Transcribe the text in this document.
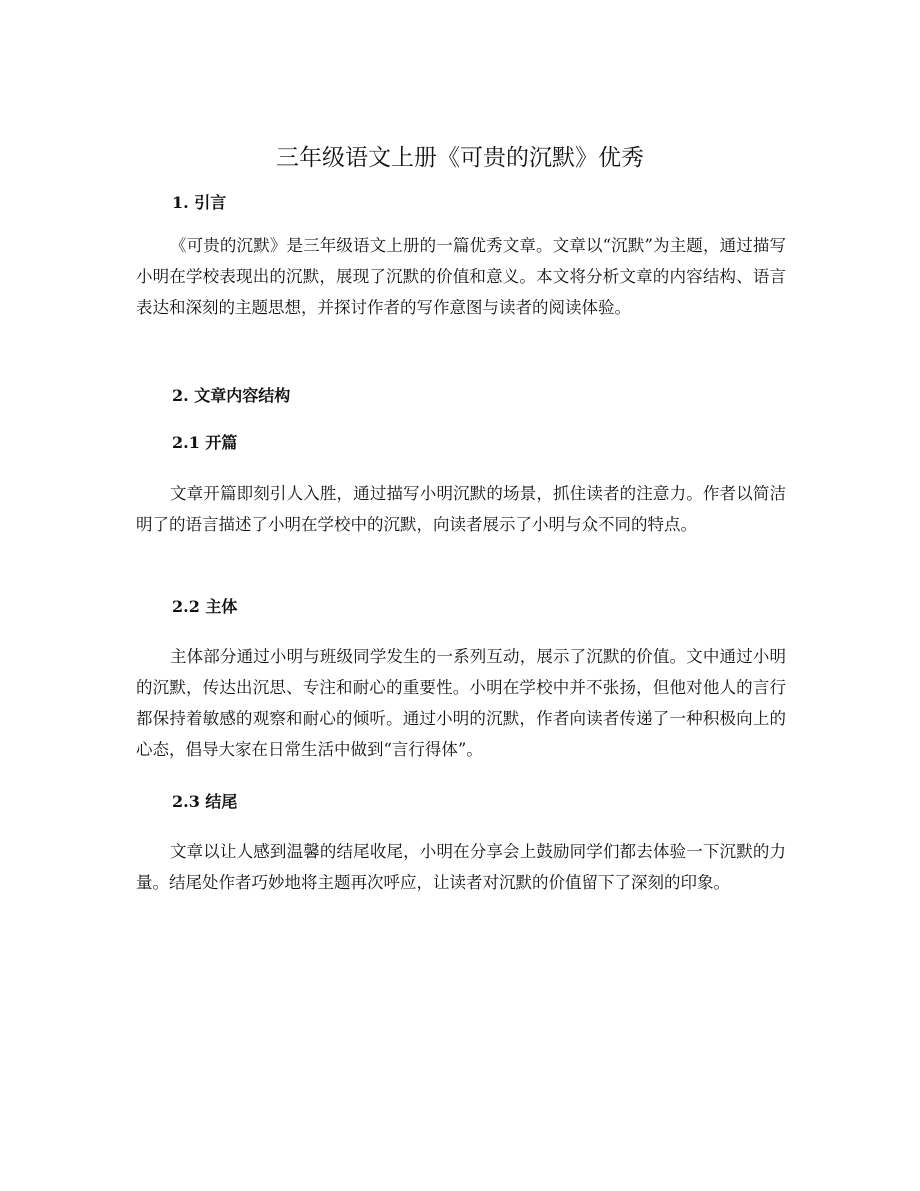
三年级语文上册《可贵的沉默》优秀
1. 引言

《可贵的沉默》是三年级语文上册的一篇优秀文章。文章以“沉默”为主题，通过描写小明在学校表现出的沉默，展现了沉默的价值和意义。本文将分析文章的内容结构、语言表达和深刻的主题思想，并探讨作者的写作意图与读者的阅读体验。

2. 文章内容结构
2.1 开篇

文章开篇即刻引人入胜，通过描写小明沉默的场景，抓住读者的注意力。作者以简洁明了的语言描述了小明在学校中的沉默，向读者展示了小明与众不同的特点。

2.2 主体

主体部分通过小明与班级同学发生的一系列互动，展示了沉默的价值。文中通过小明的沉默，传达出沉思、专注和耐心的重要性。小明在学校中并不张扬，但他对他人的言行都保持着敏感的观察和耐心的倾听。通过小明的沉默，作者向读者传递了一种积极向上的心态，倡导大家在日常生活中做到“言行得体”。

2.3 结尾

文章以让人感到温馨的结尾收尾，小明在分享会上鼓励同学们都去体验一下沉默的力量。结尾处作者巧妙地将主题再次呼应，让读者对沉默的价值留下了深刻的印象。
